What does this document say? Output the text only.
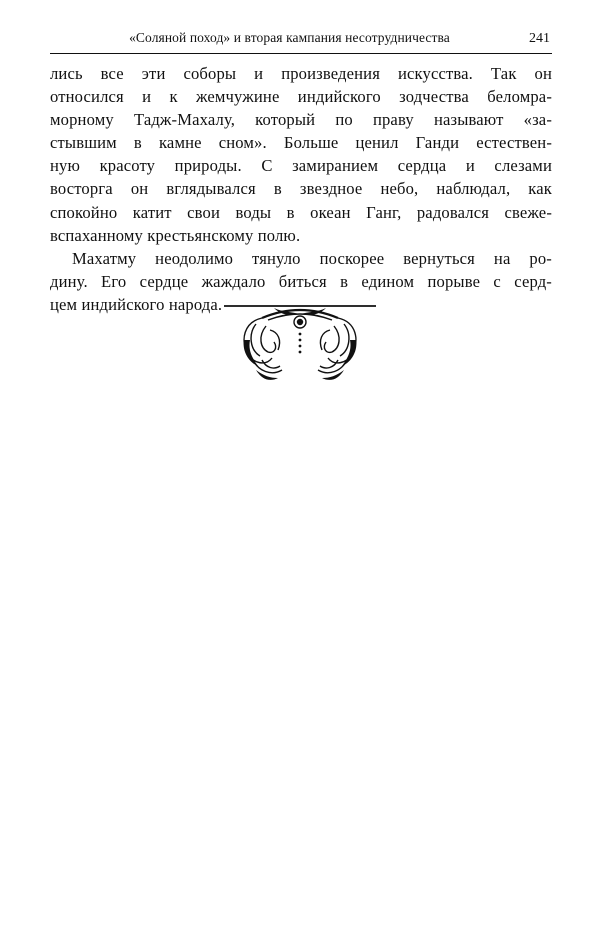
«Соляной поход» и вторая кампания несотрудничества	241
лись все эти соборы и произведения искусства. Так он
относился и к жемчужине индийского зодчества беломра-
морному Тадж-Махалу, который по праву называют «за-
стывшим в камне сном». Больше ценил Ганди естествен-
ную красоту природы. С замиранием сердца и слезами
восторга он вглядывался в звездное небо, наблюдал, как
спокойно катит свои воды в океан Ганг, радовался свеже-
вспаханному крестьянскому полю.
Махатму неодолимо тянуло поскорее вернуться на ро-
дину. Его сердце жаждало биться в едином порыве с серд-
цем индийского народа.
